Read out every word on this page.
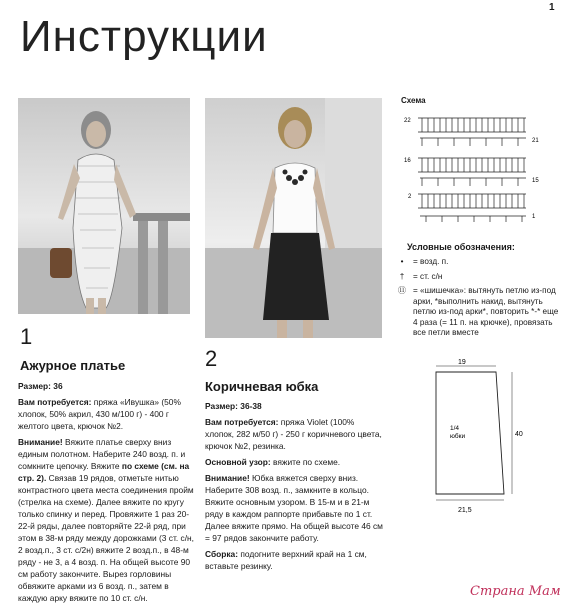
Инструкции
1
1
Ажурное платье
Размер: 36
Вам потребуется: пряжа «Ивушка» (50% хлопок, 50% акрил, 430 м/100 г) - 400 г желтого цвета, крючок №2.
Внимание! Вяжите платье сверху вниз единым полотном. Наберите 240 возд. п. и сомкните цепочку. Вяжите по схеме (см. на стр. 2). Связав 19 рядов, отметьте нитью контрастного цвета места соединения пройм (стрелка на схеме). Далее вяжите по кругу только спинку и перед. Провяжите 1 раз 20-22-й ряды, далее повторяйте 22-й ряд, при этом в 38-м ряду между дорожками (3 ст. с/н, 2 возд.п., 3 ст. с/2н) вяжите 2 возд.п., в 48-м ряду - не 3, а 4 возд. п. На общей высоте 90 см работу закончите. Вырез горловины обвяжите арками из 6 возд. п., затем в каждую арку вяжите по 10 ст. с/н.
2
Коричневая юбка
Размер: 36-38
Вам потребуется: пряжа Violet (100% хлопок, 282 м/50 г) - 250 г коричневого цвета, крючок №2, резинка.
Основной узор: вяжите по схеме.
Внимание! Юбка вяжется сверху вниз. Наберите 308 возд. п., замкните в кольцо. Вяжите основным узором. В 15-м и в 21-м ряду в каждом раппорте прибавьте по 1 ст. Далее вяжите прямо. На общей высоте 46 см = 97 рядов закончите работу.
Сборка: подогните верхний край на 1 см, вставьте резинку.
Схема
22
16
2
21
15
1
Условные обозначения:
•	= возд. п.
†	= ст. с/н
⑪ = «шишечка»: вытянуть петлю из-под арки, *выполнить накид, вытянуть петлю из-под арки*, повторить *-* еще 4 раза (= 11 п. на крючке), провязать все петли вместе
19
21,5
40
1/4
юбки
Страна Мам
